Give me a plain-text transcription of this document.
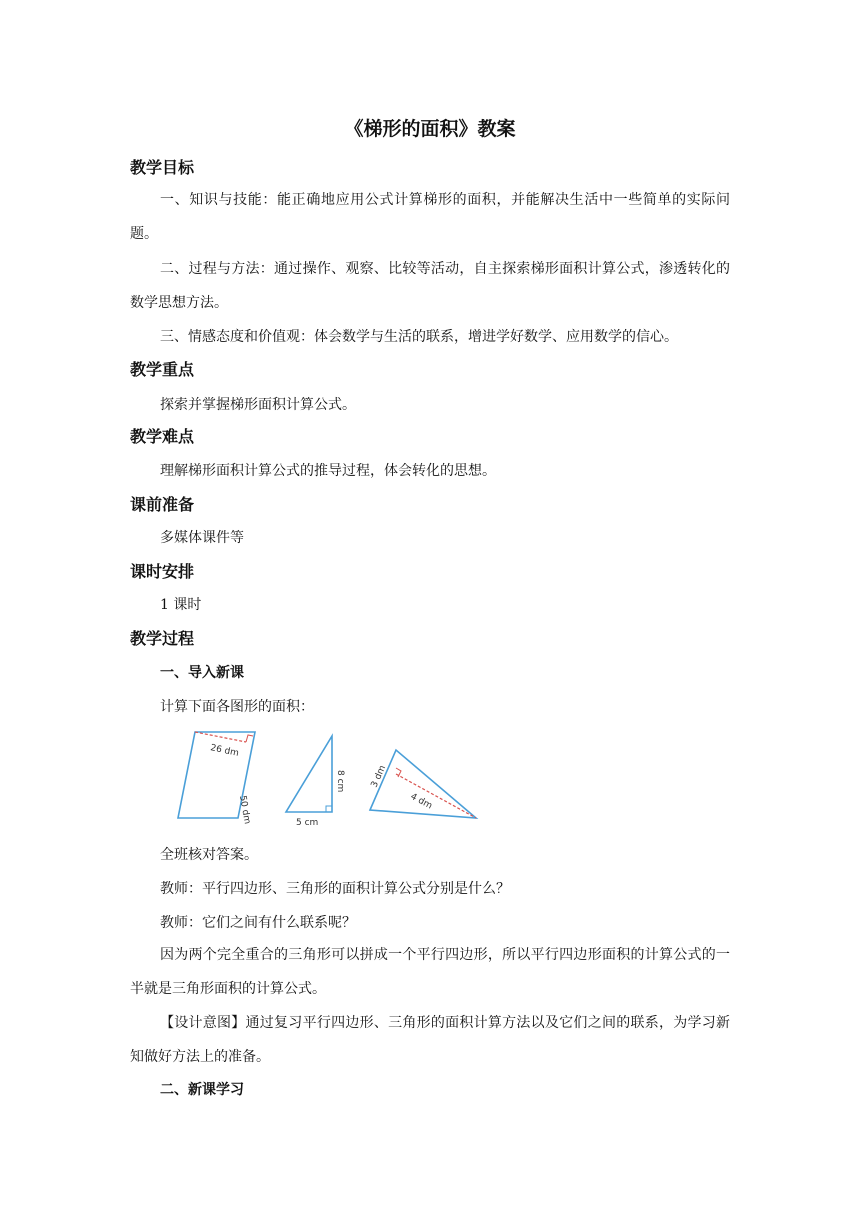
《梯形的面积》教案
教学目标

一、知识与技能：能正确地应用公式计算梯形的面积，并能解决生活中一些简单的实际问题。

二、过程与方法：通过操作、观察、比较等活动，自主探索梯形面积计算公式，渗透转化的数学思想方法。

三、情感态度和价值观：体会数学与生活的联系，增进学好数学、应用数学的信心。

教学重点
探索并掌握梯形面积计算公式。
教学难点
理解梯形面积计算公式的推导过程，体会转化的思想。
课前准备
多媒体课件等
课时安排
1 课时
教学过程
一、导入新课
计算下面各图形的面积：
26 dm
50 dm
8 cm
5 cm
3 dm
4 dm
全班核对答案。
教师：平行四边形、三角形的面积计算公式分别是什么？
教师：它们之间有什么联系呢？

因为两个完全重合的三角形可以拼成一个平行四边形，所以平行四边形面积的计算公式的一半就是三角形面积的计算公式。

【设计意图】通过复习平行四边形、三角形的面积计算方法以及它们之间的联系，为学习新知做好方法上的准备。

二、新课学习
